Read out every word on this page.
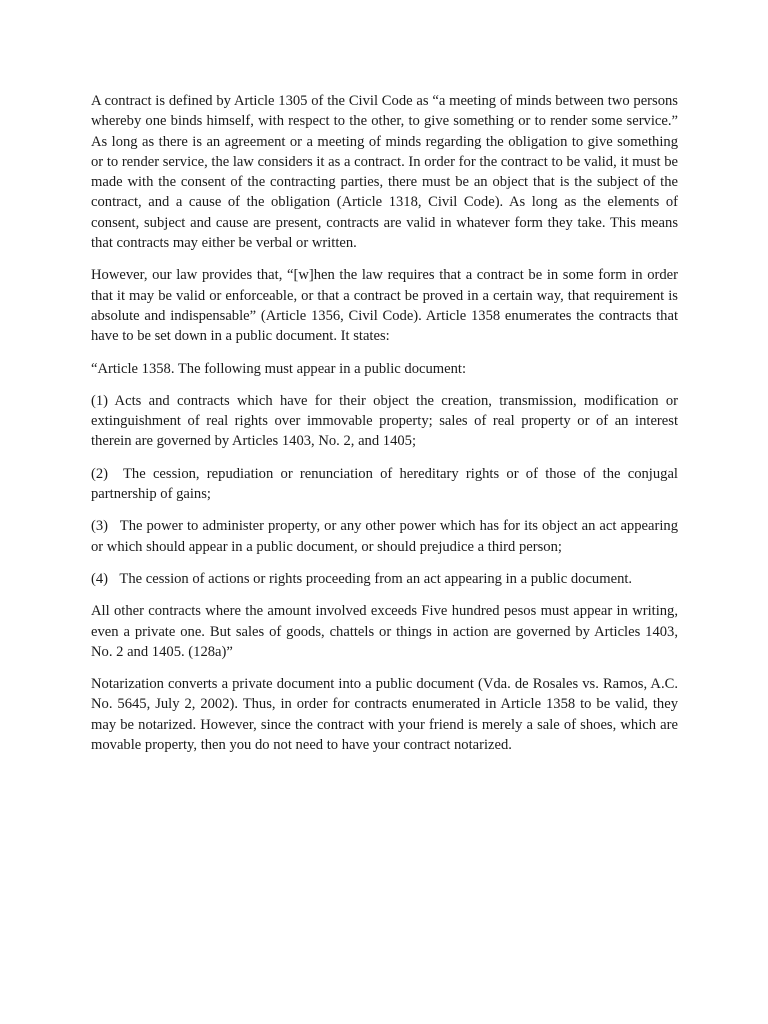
A contract is defined by Article 1305 of the Civil Code as “a meeting of minds between two persons whereby one binds himself, with respect to the other, to give something or to render some service.” As long as there is an agreement or a meeting of minds regarding the obligation to give something or to render service, the law considers it as a contract. In order for the contract to be valid, it must be made with the consent of the contracting parties, there must be an object that is the subject of the contract, and a cause of the obligation (Article 1318, Civil Code). As long as the elements of consent, subject and cause are present, contracts are valid in whatever form they take. This means that contracts may either be verbal or written.

However, our law provides that, “[w]hen the law requires that a contract be in some form in order that it may be valid or enforceable, or that a contract be proved in a certain way, that requirement is absolute and indispensable” (Article 1356, Civil Code). Article 1358 enumerates the contracts that have to be set down in a public document. It states:

“Article 1358. The following must appear in a public document:

(1) Acts and contracts which have for their object the creation, transmission, modification or extinguishment of real rights over immovable property; sales of real property or of an interest therein are governed by Articles 1403, No. 2, and 1405;
(2) The cession, repudiation or renunciation of hereditary rights or of those of the conjugal partnership of gains;
(3) The power to administer property, or any other power which has for its object an act appearing or which should appear in a public document, or should prejudice a third person;
(4) The cession of actions or rights proceeding from an act appearing in a public document.

All other contracts where the amount involved exceeds Five hundred pesos must appear in writing, even a private one. But sales of goods, chattels or things in action are governed by Articles 1403, No. 2 and 1405. (128a)”

Notarization converts a private document into a public document (Vda. de Rosales vs. Ramos, A.C. No. 5645, July 2, 2002). Thus, in order for contracts enumerated in Article 1358 to be valid, they may be notarized. However, since the contract with your friend is merely a sale of shoes, which are movable property, then you do not need to have your contract notarized.
